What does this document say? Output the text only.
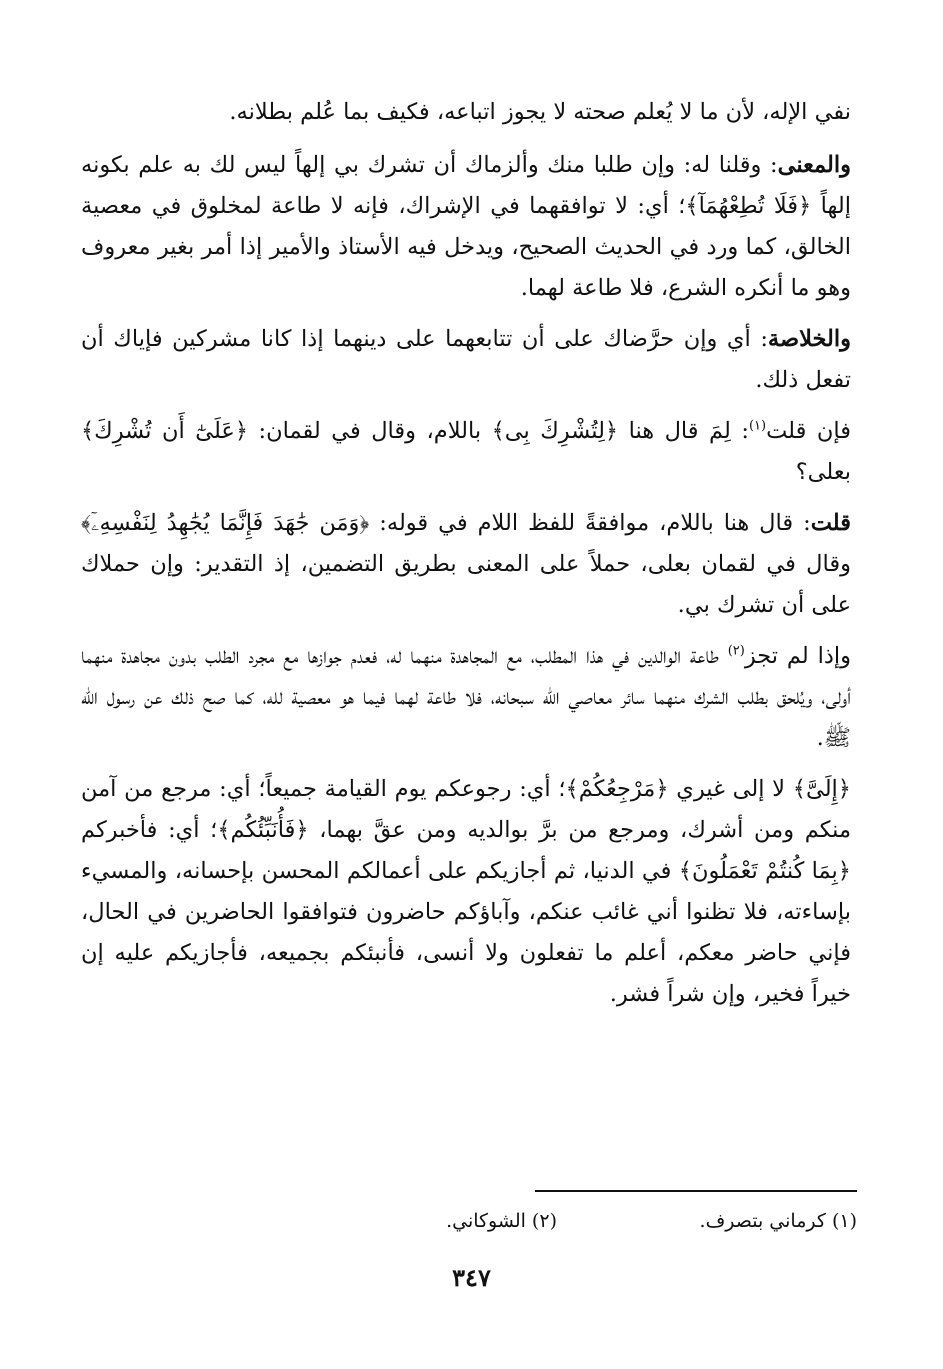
نفي الإله، لأن ما لا يُعلم صحته لا يجوز اتباعه، فكيف بما عُلم بطلانه.

والمعنى: وقلنا له: وإن طلبا منك وألزماك أن تشرك بي إلهاً ليس لك به علم بكونه إلهاً ﴿فَلَا تُطِعْهُمَآ﴾؛ أي: لا توافقهما في الإشراك، فإنه لا طاعة لمخلوق في معصية الخالق، كما ورد في الحديث الصحيح، ويدخل فيه الأستاذ والأمير إذا أمر بغير معروف وهو ما أنكره الشرع، فلا طاعة لهما.

والخلاصة: أي وإن حرَّضاك على أن تتابعهما على دينهما إذا كانا مشركين فإياك أن تفعل ذلك.

فإن قلت$^{(١)}$: لِمَ قال هنا ﴿لِتُشْرِكَ بِى﴾ باللام، وقال في لقمان: ﴿عَلَىٰٓ أَن تُشْرِكَ﴾ بعلى؟

قلت: قال هنا باللام، موافقةً للفظ اللام في قوله: ﴿وَمَن جَٰهَدَ فَإِنَّمَا يُجَٰهِدُ لِنَفْسِهِۦٓ﴾ وقال في لقمان بعلى، حملاً على المعنى بطريق التضمين، إذ التقدير: وإن حملاك على أن تشرك بي.

وإذا لم تجز$^{(٢)}$ طاعة الوالدين في هذا المطلب، مع المجاهدة منهما له، فعدم جوازها مع مجرد الطلب بدون مجاهدة منهما أولى، ويُلحق بطلب الشرك منهما سائر معاصي الله سبحانه، فلا طاعة لهما فيما هو معصية لله، كما صح ذلك عن رسول الله ﷺ.

﴿إِلَىَّ﴾ لا إلى غيري ﴿مَرْجِعُكُمْ﴾؛ أي: رجوعكم يوم القيامة جميعاً؛ أي: مرجع من آمن منكم ومن أشرك، ومرجع من برَّ بوالديه ومن عقَّ بهما، ﴿فَأُنَبِّئُكُم﴾؛ أي: فأخبركم ﴿بِمَا كُنتُمْ تَعْمَلُونَ﴾ في الدنيا، ثم أجازيكم على أعمالكم المحسن بإحسانه، والمسيء بإساءته، فلا تظنوا أني غائب عنكم، وآباؤكم حاضرون فتوافقوا الحاضرين في الحال، فإني حاضر معكم، أعلم ما تفعلون ولا أنسى، فأنبئكم بجميعه، فأجازيكم عليه إن خيراً فخير، وإن شراً فشر.

(١) كرماني بتصرف.
(٢) الشوكاني.
٣٤٧
